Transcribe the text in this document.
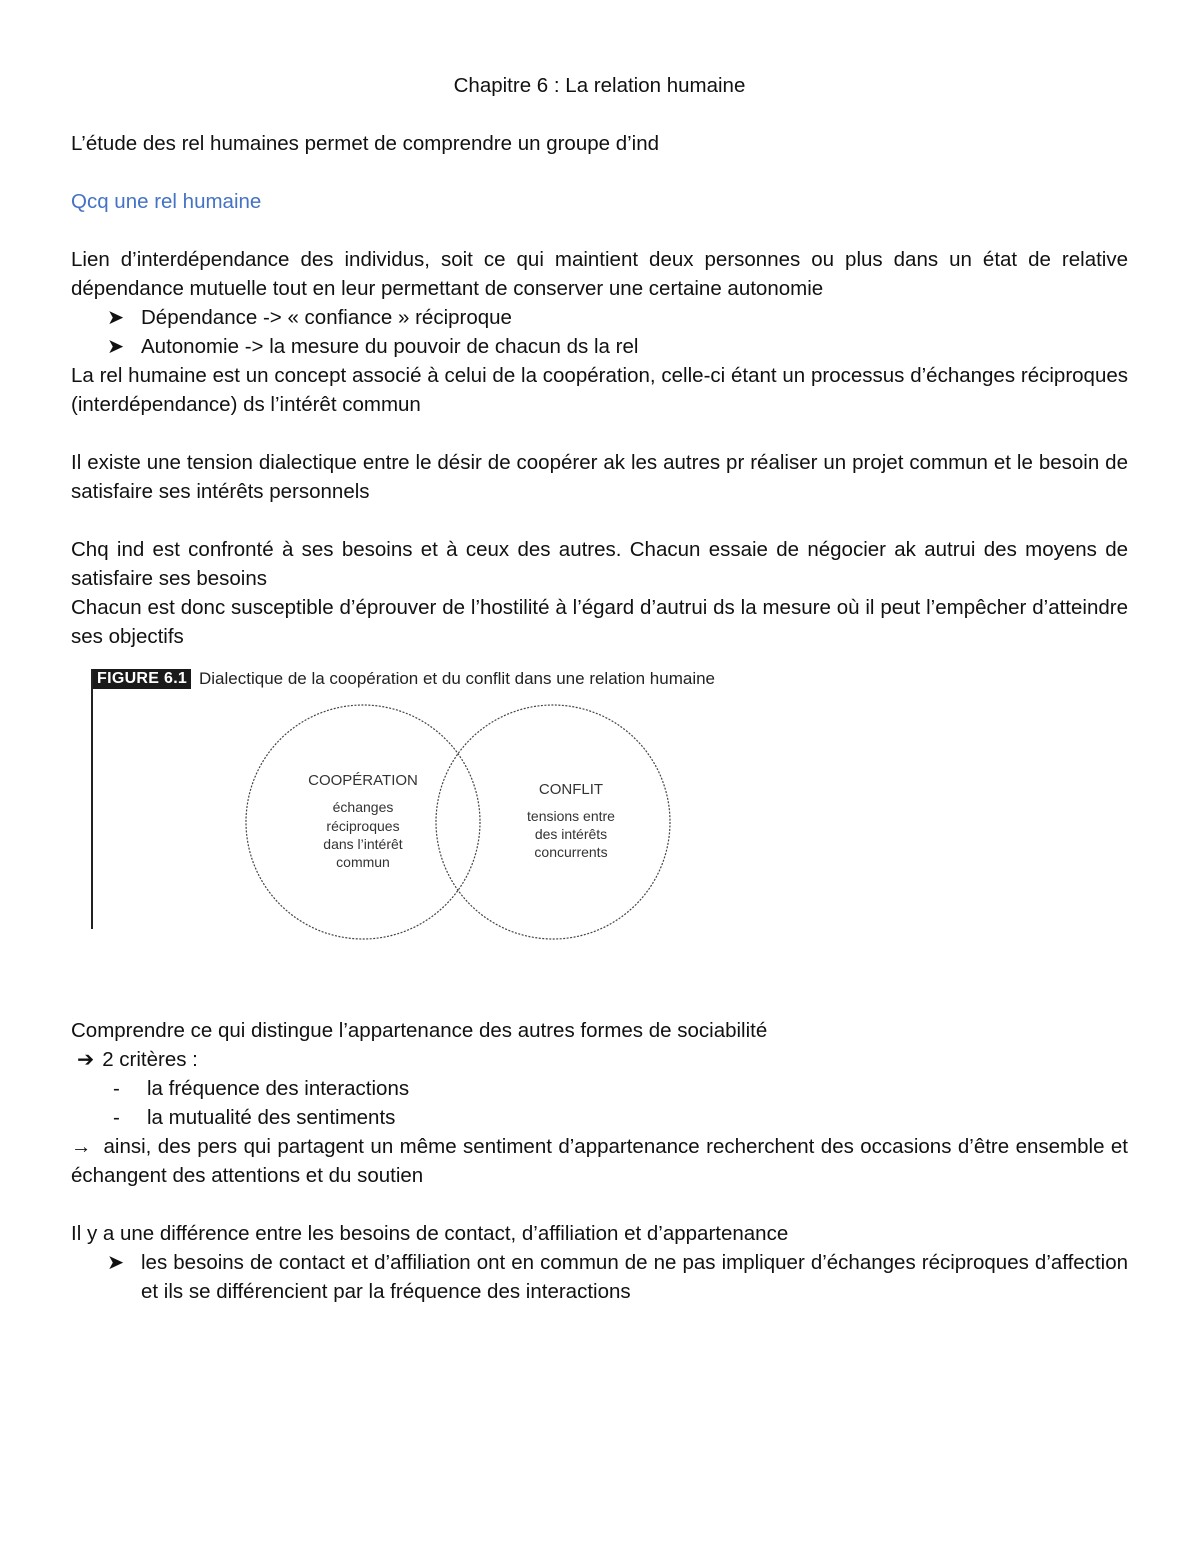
Chapitre 6 : La relation humaine

L’étude des rel humaines permet de comprendre un groupe d’ind

Qcq une rel humaine

Lien d’interdépendance des individus, soit ce qui maintient deux personnes ou plus dans un état de relative dépendance mutuelle tout en leur permettant de conserver une certaine autonomie

➤ Dépendance -> « confiance » réciproque
➤ Autonomie -> la mesure du pouvoir de chacun ds la rel

La rel humaine est un concept associé à celui de la coopération, celle-ci étant un processus d’échanges réciproques (interdépendance) ds l’intérêt commun

Il existe une tension dialectique entre le désir de coopérer ak les autres pr réaliser un projet commun et le besoin de satisfaire ses intérêts personnels

Chq ind est confronté à ses besoins et à ceux des autres. Chacun essaie de négocier ak autrui des moyens de satisfaire ses besoins

Chacun est donc susceptible d’éprouver de l’hostilité à l’égard d’autrui ds la mesure où il peut l’empêcher d’atteindre ses objectifs

FIGURE 6.1 Dialectique de la coopération et du conflit dans une relation humaine
COOPÉRATION
échanges
réciproques
dans l’intérêt
commun
CONFLIT
tensions entre
des intérêts
concurrents

Comprendre ce qui distingue l’appartenance des autres formes de sociabilité

➔ 2 critères :

- la fréquence des interactions
- la mutualité des sentiments

→ ainsi, des pers qui partagent un même sentiment d’appartenance recherchent des occasions d’être ensemble et échangent des attentions et du soutien

Il y a une différence entre les besoins de contact, d’affiliation et d’appartenance

➤ les besoins de contact et d’affiliation ont en commun de ne pas impliquer d’échanges réciproques d’affection et ils se différencient par la fréquence des interactions
